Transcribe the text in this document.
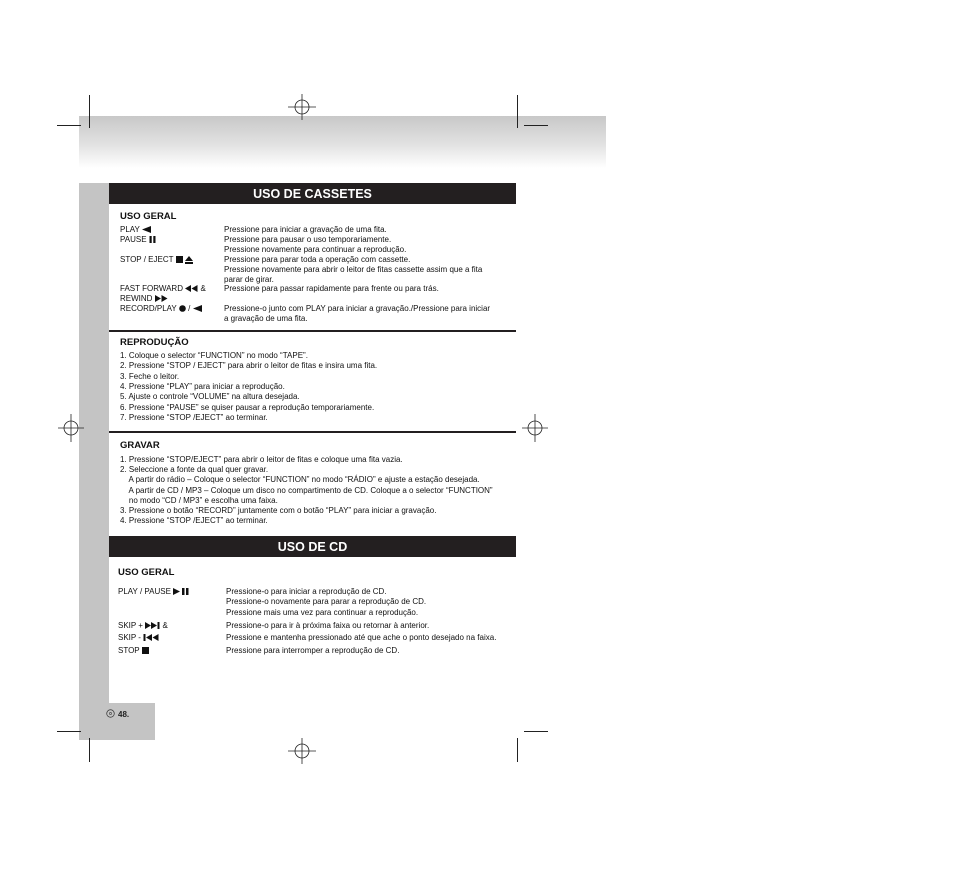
48.
USO DE CASSETES
USO GERAL
PLAY
PAUSE
STOP / EJECT
FAST FORWARD &
REWIND
RECORD/PLAY /
Pressione para iniciar a gravação de uma fita.
Pressione para pausar o uso temporariamente.
Pressione novamente para continuar a reprodução.
Pressione para parar toda a operação com cassette.
Pressione novamente para abrir o leitor de fitas cassette assim que a fita
parar de girar.
Pressione para passar rapidamente para frente ou para trás.
Pressione-o junto com PLAY para iniciar a gravação./Pressione para iniciar
a gravação de uma fita.
REPRODUÇÃO
1. Coloque o selector “FUNCTION” no modo “TAPE”.
2. Pressione “STOP / EJECT” para abrir o leitor de fitas e insira uma fita.
3. Feche o leitor.
4. Pressione “PLAY” para iniciar a reprodução.
5. Ajuste o controle “VOLUME” na altura desejada.
6. Pressione “PAUSE” se quiser pausar a reprodução temporariamente.
7. Pressione “STOP /EJECT” ao terminar.
GRAVAR
1. Pressione “STOP/EJECT” para abrir o leitor de fitas e coloque uma fita vazia.
2. Seleccione a fonte da qual quer gravar.
A partir do rádio – Coloque o selector “FUNCTION” no modo “RÁDIO” e ajuste a estação desejada.
A partir de CD / MP3 – Coloque um disco no compartimento de CD. Coloque a o selector “FUNCTION”
no modo “CD / MP3” e escolha uma faixa.
3. Pressione o botão “RECORD” juntamente com o botão “PLAY” para iniciar a gravação.
4. Pressione “STOP /EJECT” ao terminar.
USO DE CD
USO GERAL
PLAY / PAUSE
SKIP + &
SKIP -
STOP
Pressione-o para iniciar a reprodução de CD.
Pressione-o novamente para parar a reprodução de CD.
Pressione mais uma vez para continuar a reprodução.
Pressione-o para ir à próxima faixa ou retornar à anterior.
Pressione e mantenha pressionado até que ache o ponto desejado na faixa.
Pressione para interromper a reprodução de CD.
